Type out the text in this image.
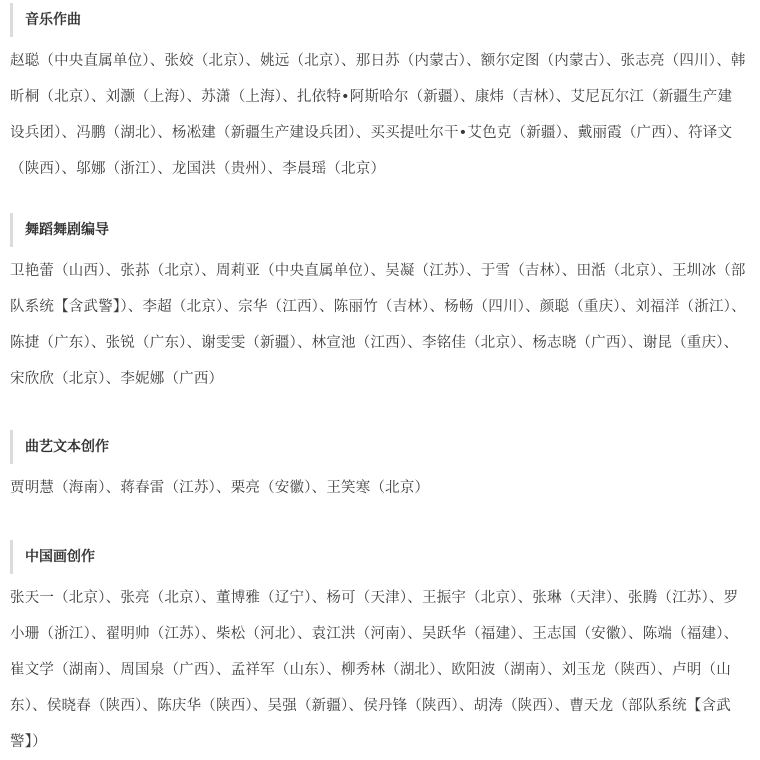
音乐作曲
赵聪（中央直属单位）、张姣（北京）、姚远（北京）、那日苏（内蒙古）、额尔定图（内蒙古）、张志亮（四川）、韩昕桐（北京）、刘灏（上海）、苏潇（上海）、扎依特•阿斯哈尔（新疆）、康炜（吉林）、艾尼瓦尔江（新疆生产建设兵团）、冯鹏（湖北）、杨凇建（新疆生产建设兵团）、买买提吐尔干•艾色克（新疆）、戴丽霞（广西）、符译文（陕西）、邬娜（浙江）、龙国洪（贵州）、李晨瑶（北京）
舞蹈舞剧编导
卫艳蕾（山西）、张荪（北京）、周莉亚（中央直属单位）、吴凝（江苏）、于雪（吉林）、田湉（北京）、王圳冰（部队系统【含武警】）、李超（北京）、宗华（江西）、陈丽竹（吉林）、杨畅（四川）、颜聪（重庆）、刘福洋（浙江）、陈捷（广东）、张锐（广东）、谢雯雯（新疆）、林宣池（江西）、李铭佳（北京）、杨志晓（广西）、谢昆（重庆）、宋欣欣（北京）、李妮娜（广西）
曲艺文本创作
贾明慧（海南）、蒋春雷（江苏）、栗亮（安徽）、王笑寒（北京）
中国画创作
张天一（北京）、张亮（北京）、董博雅（辽宁）、杨可（天津）、王振宇（北京）、张琳（天津）、张腾（江苏）、罗小珊（浙江）、翟明帅（江苏）、柴松（河北）、袁江洪（河南）、吴跃华（福建）、王志国（安徽）、陈端（福建）、崔文学（湖南）、周国泉（广西）、孟祥军（山东）、柳秀林（湖北）、欧阳波（湖南）、刘玉龙（陕西）、卢明（山东）、侯晓春（陕西）、陈庆华（陕西）、吴强（新疆）、侯丹锋（陕西）、胡涛（陕西）、曹天龙（部队系统【含武警】）
